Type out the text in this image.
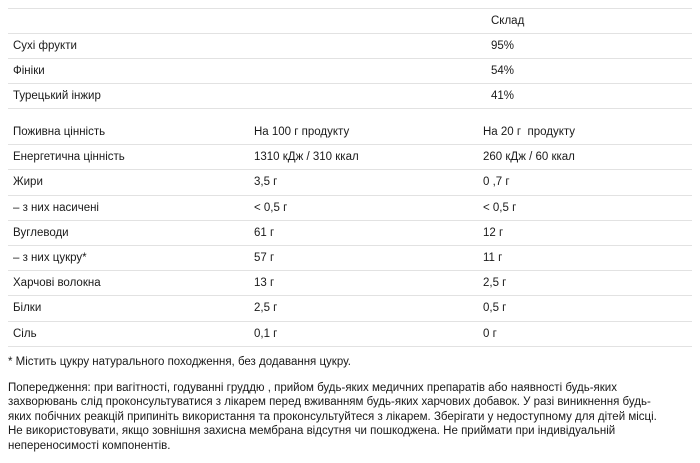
	Склад
Сухі фрукти	95%
Фініки	54%
Турецький інжир	41%
Поживна цінність	На 100 г продукту	На 20 г  продукту
Енергетична цінність	1310 кДж / 310 ккал	260 кДж / 60 ккал
Жири	3,5 г	0 ,7 г
– з них насичені	< 0,5 г	< 0,5 г
Вуглеводи	61 г	12 г
– з них цукру*	57 г	11 г
Харчові волокна	13 г	2,5 г
Білки	2,5 г	0,5 г
Сіль	0,1 г	0 г
* Містить цукру натурального походження, без додавання цукру.
Попередження: при вагітності, годуванні груддю , прийом будь-яких медичних препаратів або наявності будь-яких
захворювань слід проконсультуватися з лікарем перед вживанням будь-яких харчових добавок. У разі виникнення будь-
яких побічних реакцій припиніть використання та проконсультуйтеся з лікарем. Зберігати у недоступному для дітей місці.
Не використовувати, якщо зовнішня захисна мембрана відсутня чи пошкоджена. Не приймати при індивідуальній
непереносимості компонентів.
